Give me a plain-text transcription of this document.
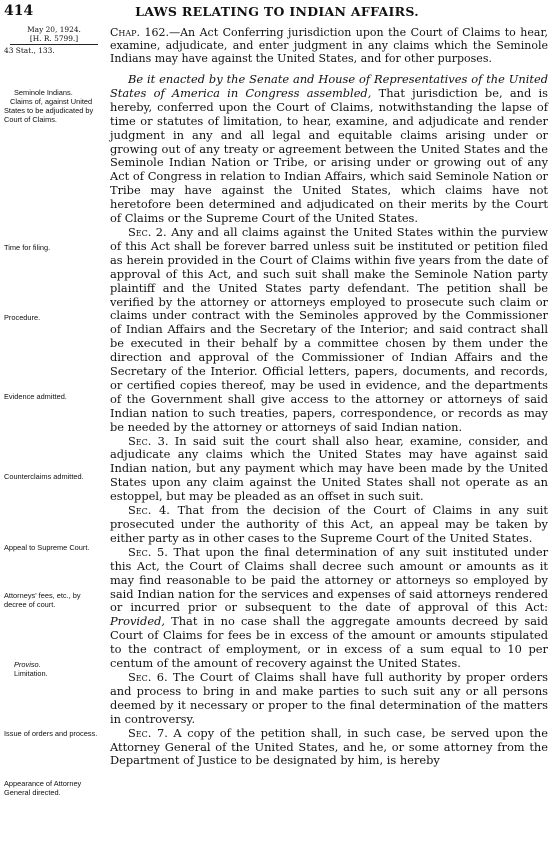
414	LAWS RELATING TO INDIAN AFFAIRS.
May 20, 1924.
[H. R. 5799.]
43 Stat., 133.
Chap. 162.—An Act Conferring jurisdiction upon the Court of Claims to hear, examine, adjudicate, and enter judgment in any claims which the Seminole Indians may have against the United States, and for other purposes.
Seminole Indians.
Claims of, against United States to be adjudicated by Court of Claims.
Time for filing.
Procedure.
Evidence admitted.
Counterclaims admitted.
Appeal to Supreme Court.
Attorneys' fees, etc., by decree of court.
Proviso.
Limitation.
Issue of orders and process.
Appearance of Attorney General directed.

Be it enacted by the Senate and House of Representatives of the United States of America in Congress assembled, That jurisdiction be, and is hereby, conferred upon the Court of Claims, notwithstanding the lapse of time or statutes of limitation, to hear, examine, and adjudicate and render judgment in any and all legal and equitable claims arising under or growing out of any treaty or agreement between the United States and the Seminole Indian Nation or Tribe, or arising under or growing out of any Act of Congress in relation to Indian Affairs, which said Seminole Nation or Tribe may have against the United States, which claims have not heretofore been determined and adjudicated on their merits by the Court of Claims or the Supreme Court of the United States.

Sec. 2. Any and all claims against the United States within the purview of this Act shall be forever barred unless suit be instituted or petition filed as herein provided in the Court of Claims within five years from the date of approval of this Act, and such suit shall make the Seminole Nation party plaintiff and the United States party defendant. The petition shall be verified by the attorney or attorneys employed to prosecute such claim or claims under contract with the Seminoles approved by the Commissioner of Indian Affairs and the Secretary of the Interior; and said contract shall be executed in their behalf by a committee chosen by them under the direction and approval of the Commissioner of Indian Affairs and the Secretary of the Interior. Official letters, papers, documents, and records, or certified copies thereof, may be used in evidence, and the departments of the Government shall give access to the attorney or attorneys of said Indian nation to such treaties, papers, correspondence, or records as may be needed by the attorney or attorneys of said Indian nation.

Sec. 3. In said suit the court shall also hear, examine, consider, and adjudicate any claims which the United States may have against said Indian nation, but any payment which may have been made by the United States upon any claim against the United States shall not operate as an estoppel, but may be pleaded as an offset in such suit.

Sec. 4. That from the decision of the Court of Claims in any suit prosecuted under the authority of this Act, an appeal may be taken by either party as in other cases to the Supreme Court of the United States.

Sec. 5. That upon the final determination of any suit instituted under this Act, the Court of Claims shall decree such amount or amounts as it may find reasonable to be paid the attorney or attorneys so employed by said Indian nation for the services and expenses of said attorneys rendered or incurred prior or subsequent to the date of approval of this Act: Provided, That in no case shall the aggregate amounts decreed by said Court of Claims for fees be in excess of the amount or amounts stipulated to the contract of employment, or in excess of a sum equal to 10 per centum of the amount of recovery against the United States.

Sec. 6. The Court of Claims shall have full authority by proper orders and process to bring in and make parties to such suit any or all persons deemed by it necessary or proper to the final determination of the matters in controversy.

Sec. 7. A copy of the petition shall, in such case, be served upon the Attorney General of the United States, and he, or some attorney from the Department of Justice to be designated by him, is hereby
